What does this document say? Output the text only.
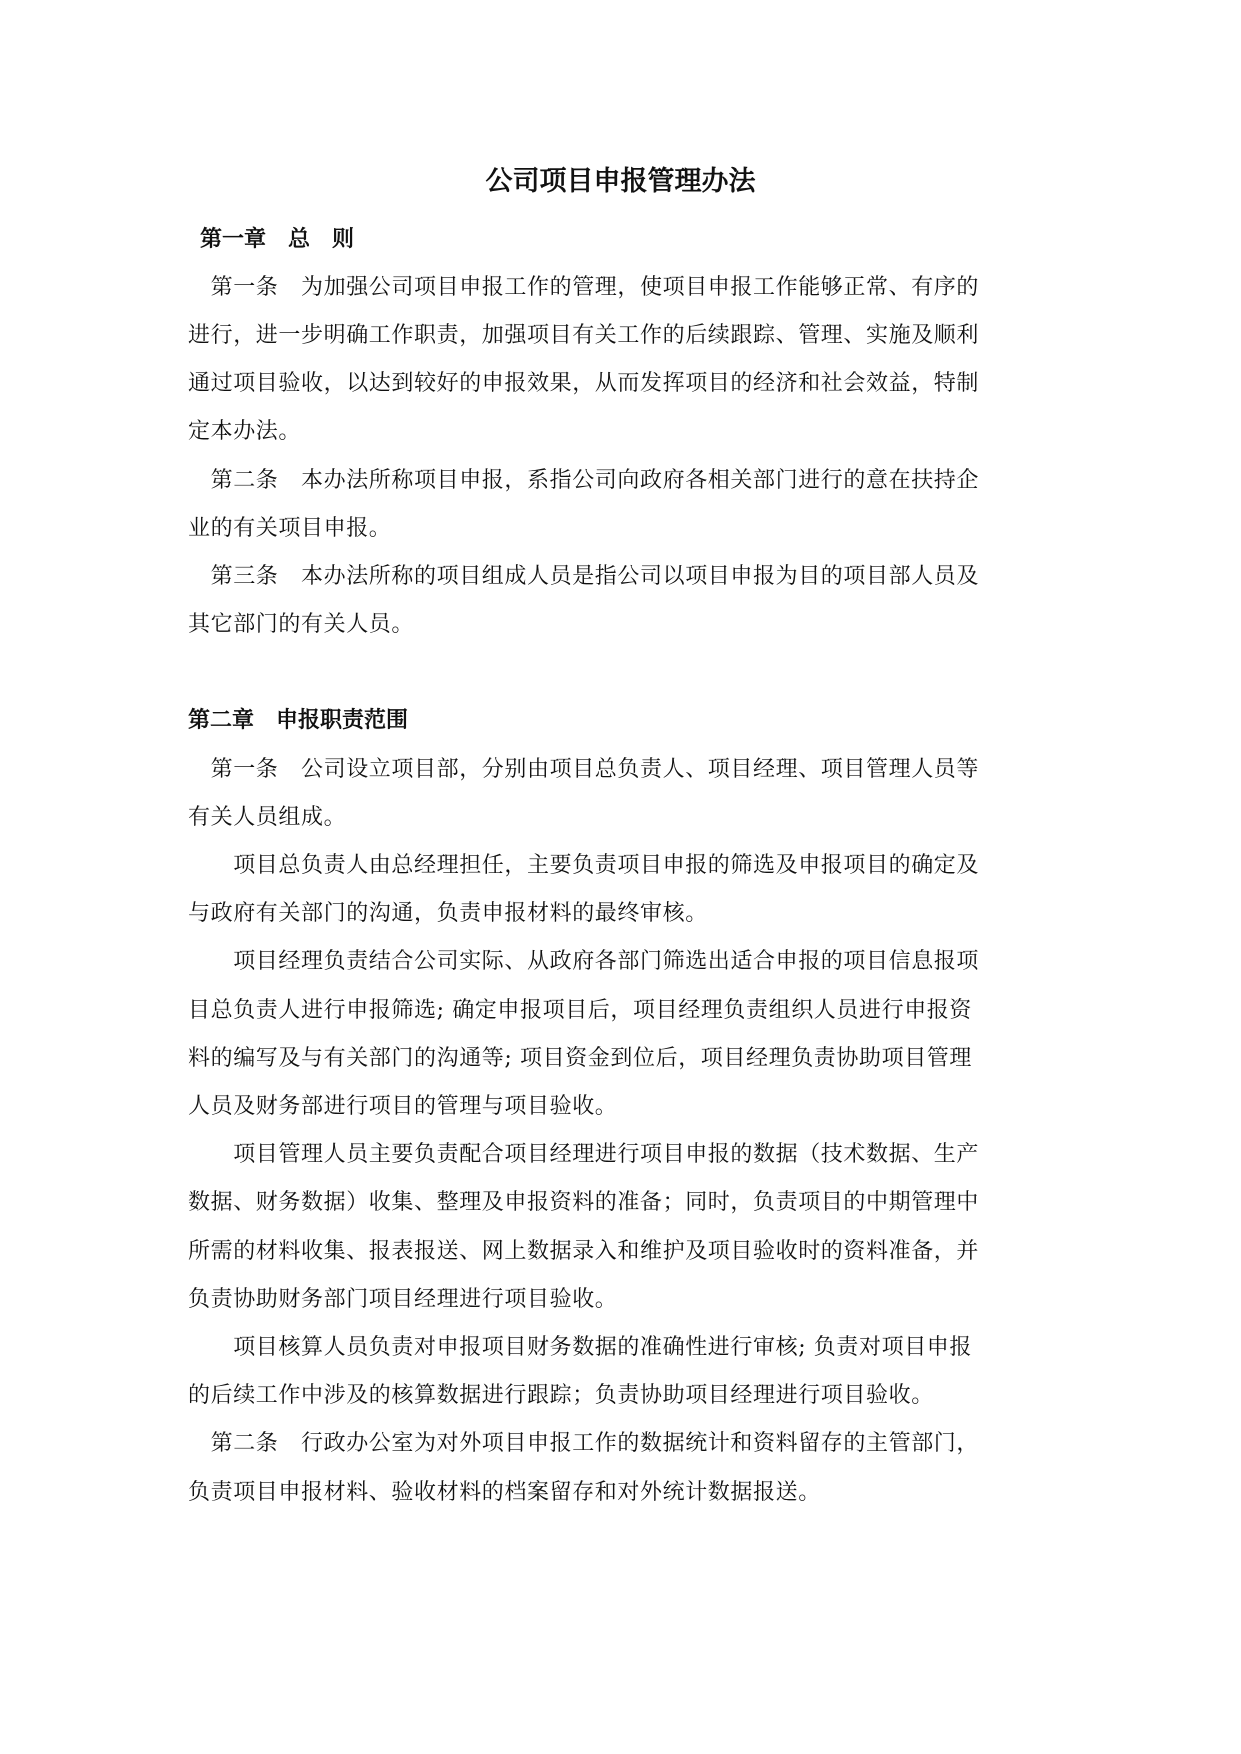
公司项目申报管理办法
第一章　总　则
　第一条　为加强公司项目申报工作的管理，使项目申报工作能够正常、有序的
进行，进一步明确工作职责，加强项目有关工作的后续跟踪、管理、实施及顺利
通过项目验收，以达到较好的申报效果，从而发挥项目的经济和社会效益，特制
定本办法。
　第二条　本办法所称项目申报，系指公司向政府各相关部门进行的意在扶持企
业的有关项目申报。
　第三条　本办法所称的项目组成人员是指公司以项目申报为目的项目部人员及
其它部门的有关人员。
第二章　申报职责范围
　第一条　公司设立项目部，分别由项目总负责人、项目经理、项目管理人员等
有关人员组成。
　　项目总负责人由总经理担任，主要负责项目申报的筛选及申报项目的确定及
与政府有关部门的沟通，负责申报材料的最终审核。
　　项目经理负责结合公司实际、从政府各部门筛选出适合申报的项目信息报项
目总负责人进行申报筛选; 确定申报项目后，项目经理负责组织人员进行申报资
料的编写及与有关部门的沟通等; 项目资金到位后，项目经理负责协助项目管理
人员及财务部进行项目的管理与项目验收。
　　项目管理人员主要负责配合项目经理进行项目申报的数据（技术数据、生产
数据、财务数据）收集、整理及申报资料的准备；同时，负责项目的中期管理中
所需的材料收集、报表报送、网上数据录入和维护及项目验收时的资料准备，并
负责协助财务部门项目经理进行项目验收。
　　项目核算人员负责对申报项目财务数据的准确性进行审核; 负责对项目申报
的后续工作中涉及的核算数据进行跟踪；负责协助项目经理进行项目验收。
　第二条　行政办公室为对外项目申报工作的数据统计和资料留存的主管部门，
负责项目申报材料、验收材料的档案留存和对外统计数据报送。
